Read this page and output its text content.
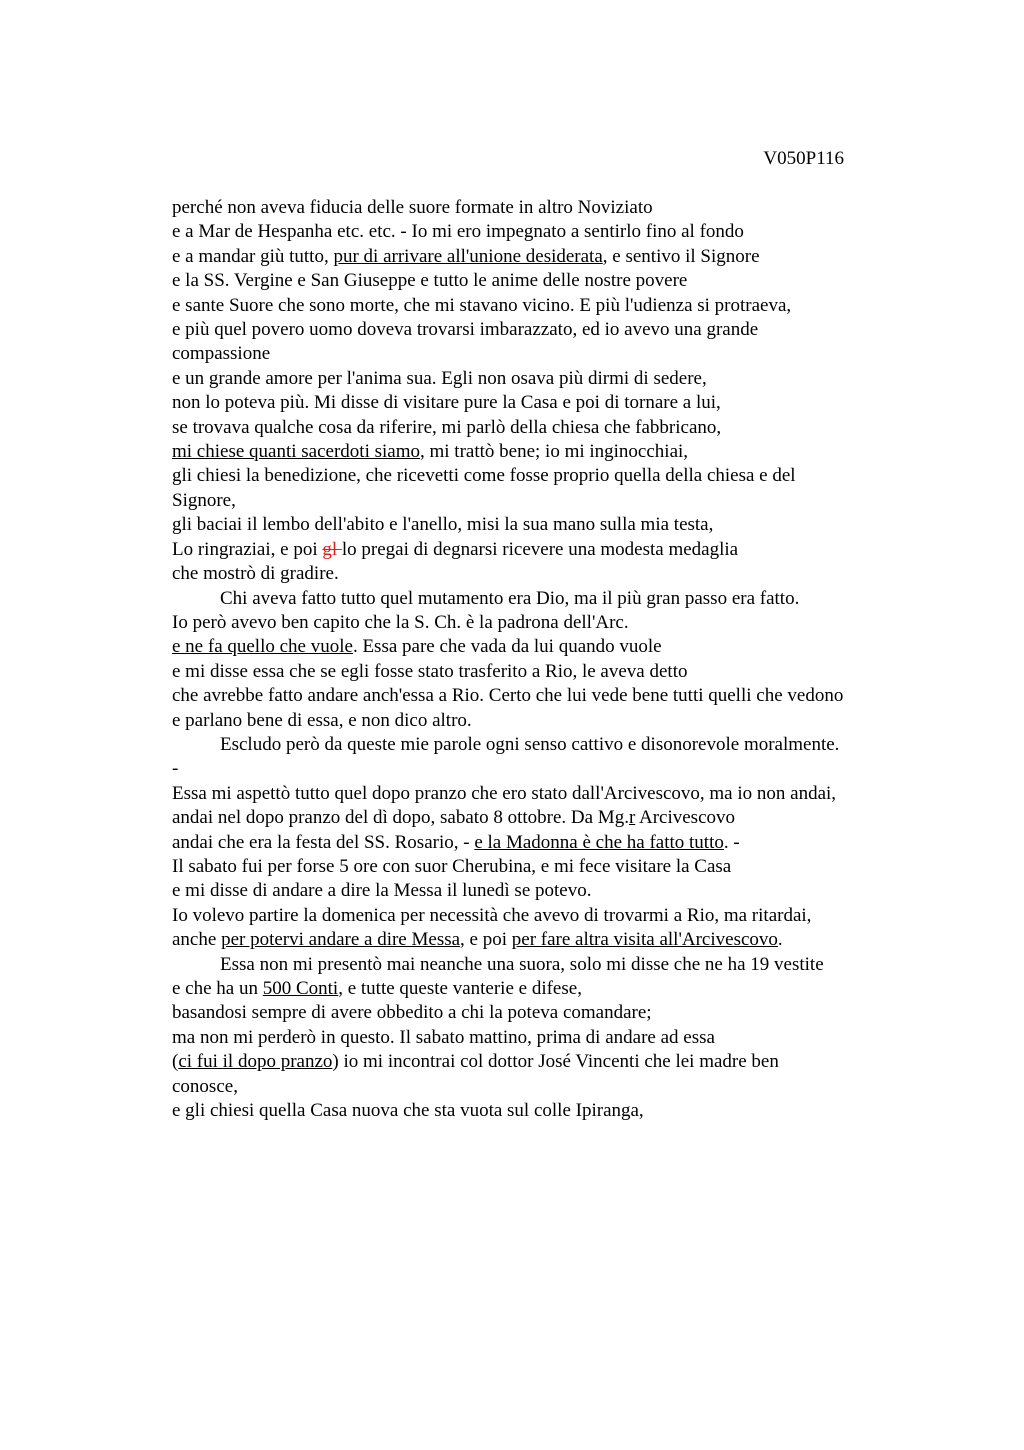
V050P116

perché non aveva fiducia delle suore formate in altro Noviziato

e a Mar de Hespanha etc. etc. - Io mi ero impegnato a sentirlo fino al fondo

e a mandar giù tutto, pur di arrivare all'unione desiderata, e sentivo il Signore

e la SS. Vergine e San Giuseppe e tutto le anime delle nostre povere

e sante Suore che sono morte, che mi stavano vicino. E più l'udienza si protraeva,

e più quel povero uomo doveva trovarsi imbarazzato, ed io avevo una grande

compassione

e un grande amore per l'anima sua. Egli non osava più dirmi di sedere,

non lo poteva più. Mi disse di visitare pure la Casa e poi di tornare a lui,

se trovava qualche cosa da riferire, mi parlò della chiesa che fabbricano,

mi chiese quanti sacerdoti siamo, mi trattò bene; io mi inginocchiai,

gli chiesi la benedizione, che ricevetti come fosse proprio quella della chiesa e del

Signore,

gli baciai il lembo dell'abito e l'anello, misi la sua mano sulla mia testa,

Lo ringraziai, e poi gl lo pregai di degnarsi ricevere una modesta medaglia

che mostrò di gradire.

Chi aveva fatto tutto quel mutamento era Dio, ma il più gran passo era fatto.

Io però avevo ben capito che la S. Ch. è la padrona dell'Arc.

e ne fa quello che vuole. Essa pare che vada da lui quando vuole

e mi disse essa che se egli fosse stato trasferito a Rio, le aveva detto

che avrebbe fatto andare anch'essa a Rio. Certo che lui vede bene tutti quelli che vedono

e parlano bene di essa, e non dico altro.

Escludo però da queste mie parole ogni senso cattivo e disonorevole moralmente.

-

Essa mi aspettò tutto quel dopo pranzo che ero stato dall'Arcivescovo, ma io non andai,

andai nel dopo pranzo del dì dopo, sabato 8 ottobre. Da Mg.r Arcivescovo

andai che era la festa del SS. Rosario, - e la Madonna è che ha fatto tutto. -

Il sabato fui per forse 5 ore con suor Cherubina, e mi fece visitare la Casa

e mi disse di andare a dire la Messa il lunedì se potevo.

Io volevo partire la domenica per necessità che avevo di trovarmi a Rio, ma ritardai,

anche per potervi andare a dire Messa, e poi per fare altra visita all'Arcivescovo.

Essa non mi presentò mai neanche una suora, solo mi disse che ne ha 19 vestite

e che ha un 500 Conti, e tutte queste vanterie e difese,

basandosi sempre di avere obbedito a chi la poteva comandare;

ma non mi perderò in questo. Il sabato mattino, prima di andare ad essa

(ci fui il dopo pranzo) io mi incontrai col dottor José Vincenti che lei madre ben

conosce,

e gli chiesi quella Casa nuova che sta vuota sul colle Ipiranga,
